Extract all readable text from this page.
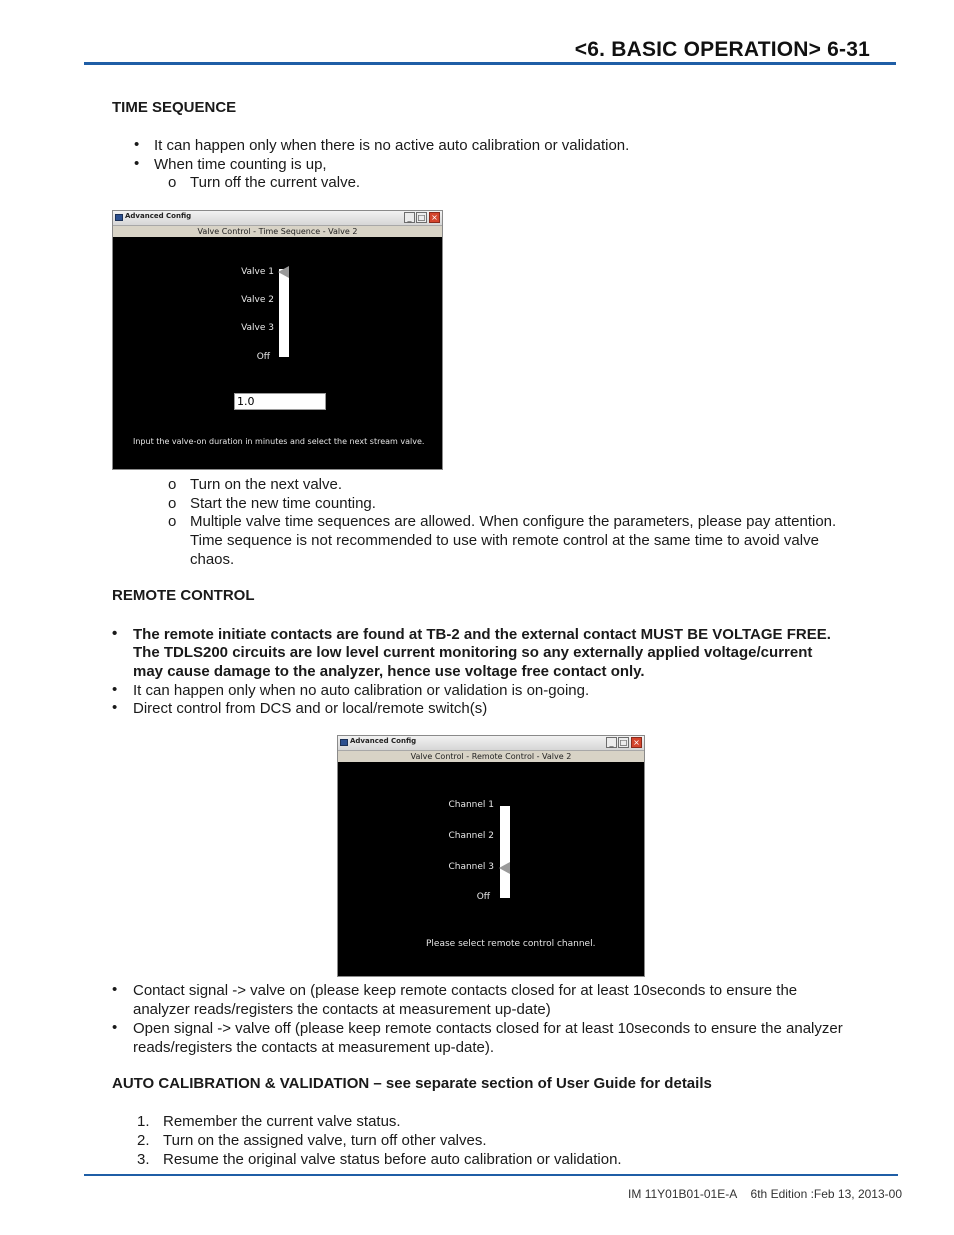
<6. BASIC OPERATION> 6-31
TIME SEQUENCE
• It can happen only when there is no active auto calibration or validation.
• When time counting is up,
o Turn off the current valve.
Advanced Config	_ □ ×
Valve Control - Time Sequence - Valve 2
Valve 1
Valve 2
Valve 3
Off
1.0
Input the valve-on duration in minutes and select the next stream valve.
o Turn on the next valve.
o Start the new time counting.
o Multiple valve time sequences are allowed. When configure the parameters, please pay attention.
Time sequence is not recommended to use with remote control at the same time to avoid valve
chaos.
REMOTE CONTROL
• The remote initiate contacts are found at TB-2 and the external contact MUST BE VOLTAGE FREE.
The TDLS200 circuits are low level current monitoring so any externally applied voltage/current
may cause damage to the analyzer, hence use voltage free contact only.
• It can happen only when no auto calibration or validation is on-going.
• Direct control from DCS and or local/remote switch(s)
Advanced Config	_ □ ×
Valve Control - Remote Control - Valve 2
Channel 1
Channel 2
Channel 3
Off
Please select remote control channel.
• Contact signal -> valve on (please keep remote contacts closed for at least 10seconds to ensure the
analyzer reads/registers the contacts at measurement up-date)
• Open signal -> valve off (please keep remote contacts closed for at least 10seconds to ensure the analyzer
reads/registers the contacts at measurement up-date).
AUTO CALIBRATION & VALIDATION – see separate section of User Guide for details
1. Remember the current valve status.
2. Turn on the assigned valve, turn off other valves.
3. Resume the original valve status before auto calibration or validation.
IM 11Y01B01-01E-A 6th Edition :Feb 13, 2013-00
